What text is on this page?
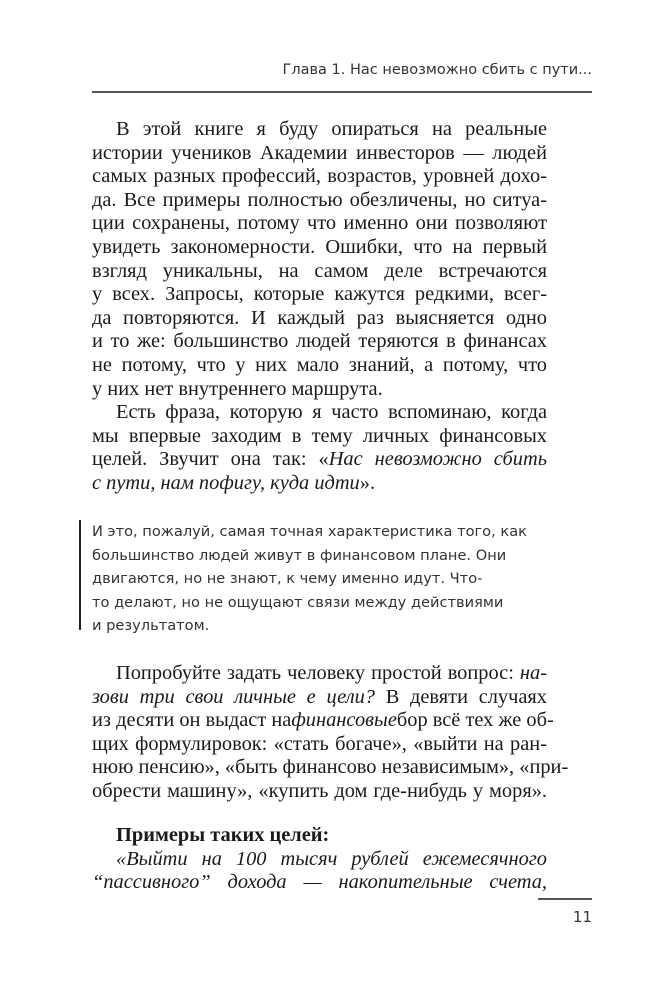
Глава 1. Нас невозможно сбить с пути...
В этой книге я буду опираться на реальные
истории учеников Академии инвесторов — людей
самых разных профессий, возрастов, уровней дохо-
да. Все примеры полностью обезличены, но ситуа-
ции сохранены, потому что именно они позволяют
увидеть закономерности. Ошибки, что на первый
взгляд уникальны, на самом деле встречаются
у всех. Запросы, которые кажутся редкими, всег-
да повторяются. И каждый раз выясняется одно
и то же: большинство людей теряются в финансах
не потому, что у них мало знаний, а потому, что
у них нет внутреннего маршрута.
Есть фраза, которую я часто вспоминаю, когда
мы впервые заходим в тему личных финансовых
целей. Звучит она так: «Нас невозможно сбить
с пути, нам пофигу, куда идти».
И это, пожалуй, самая точная характеристика того, как
большинство людей живут в финансовом плане. Они
двигаются, но не знают, к чему именно идут. Что-
то делают, но не ощущают связи между действиями
и результатом.
Попробуйте задать человеку простой вопрос: на-
зови три свои личные е цели? В девяти случаях
из десяти он выдаст нафинансовыебор всё тех же об-
щих формулировок: «стать богаче», «выйти на ран-
нюю пенсию», «быть финансово независимым», «при-
обрести машину», «купить дом где-нибудь у моря».
Примеры таких целей:
«Выйти на 100 тысяч рублей ежемесячного
“пассивного” дохода — накопительные счета,
11
